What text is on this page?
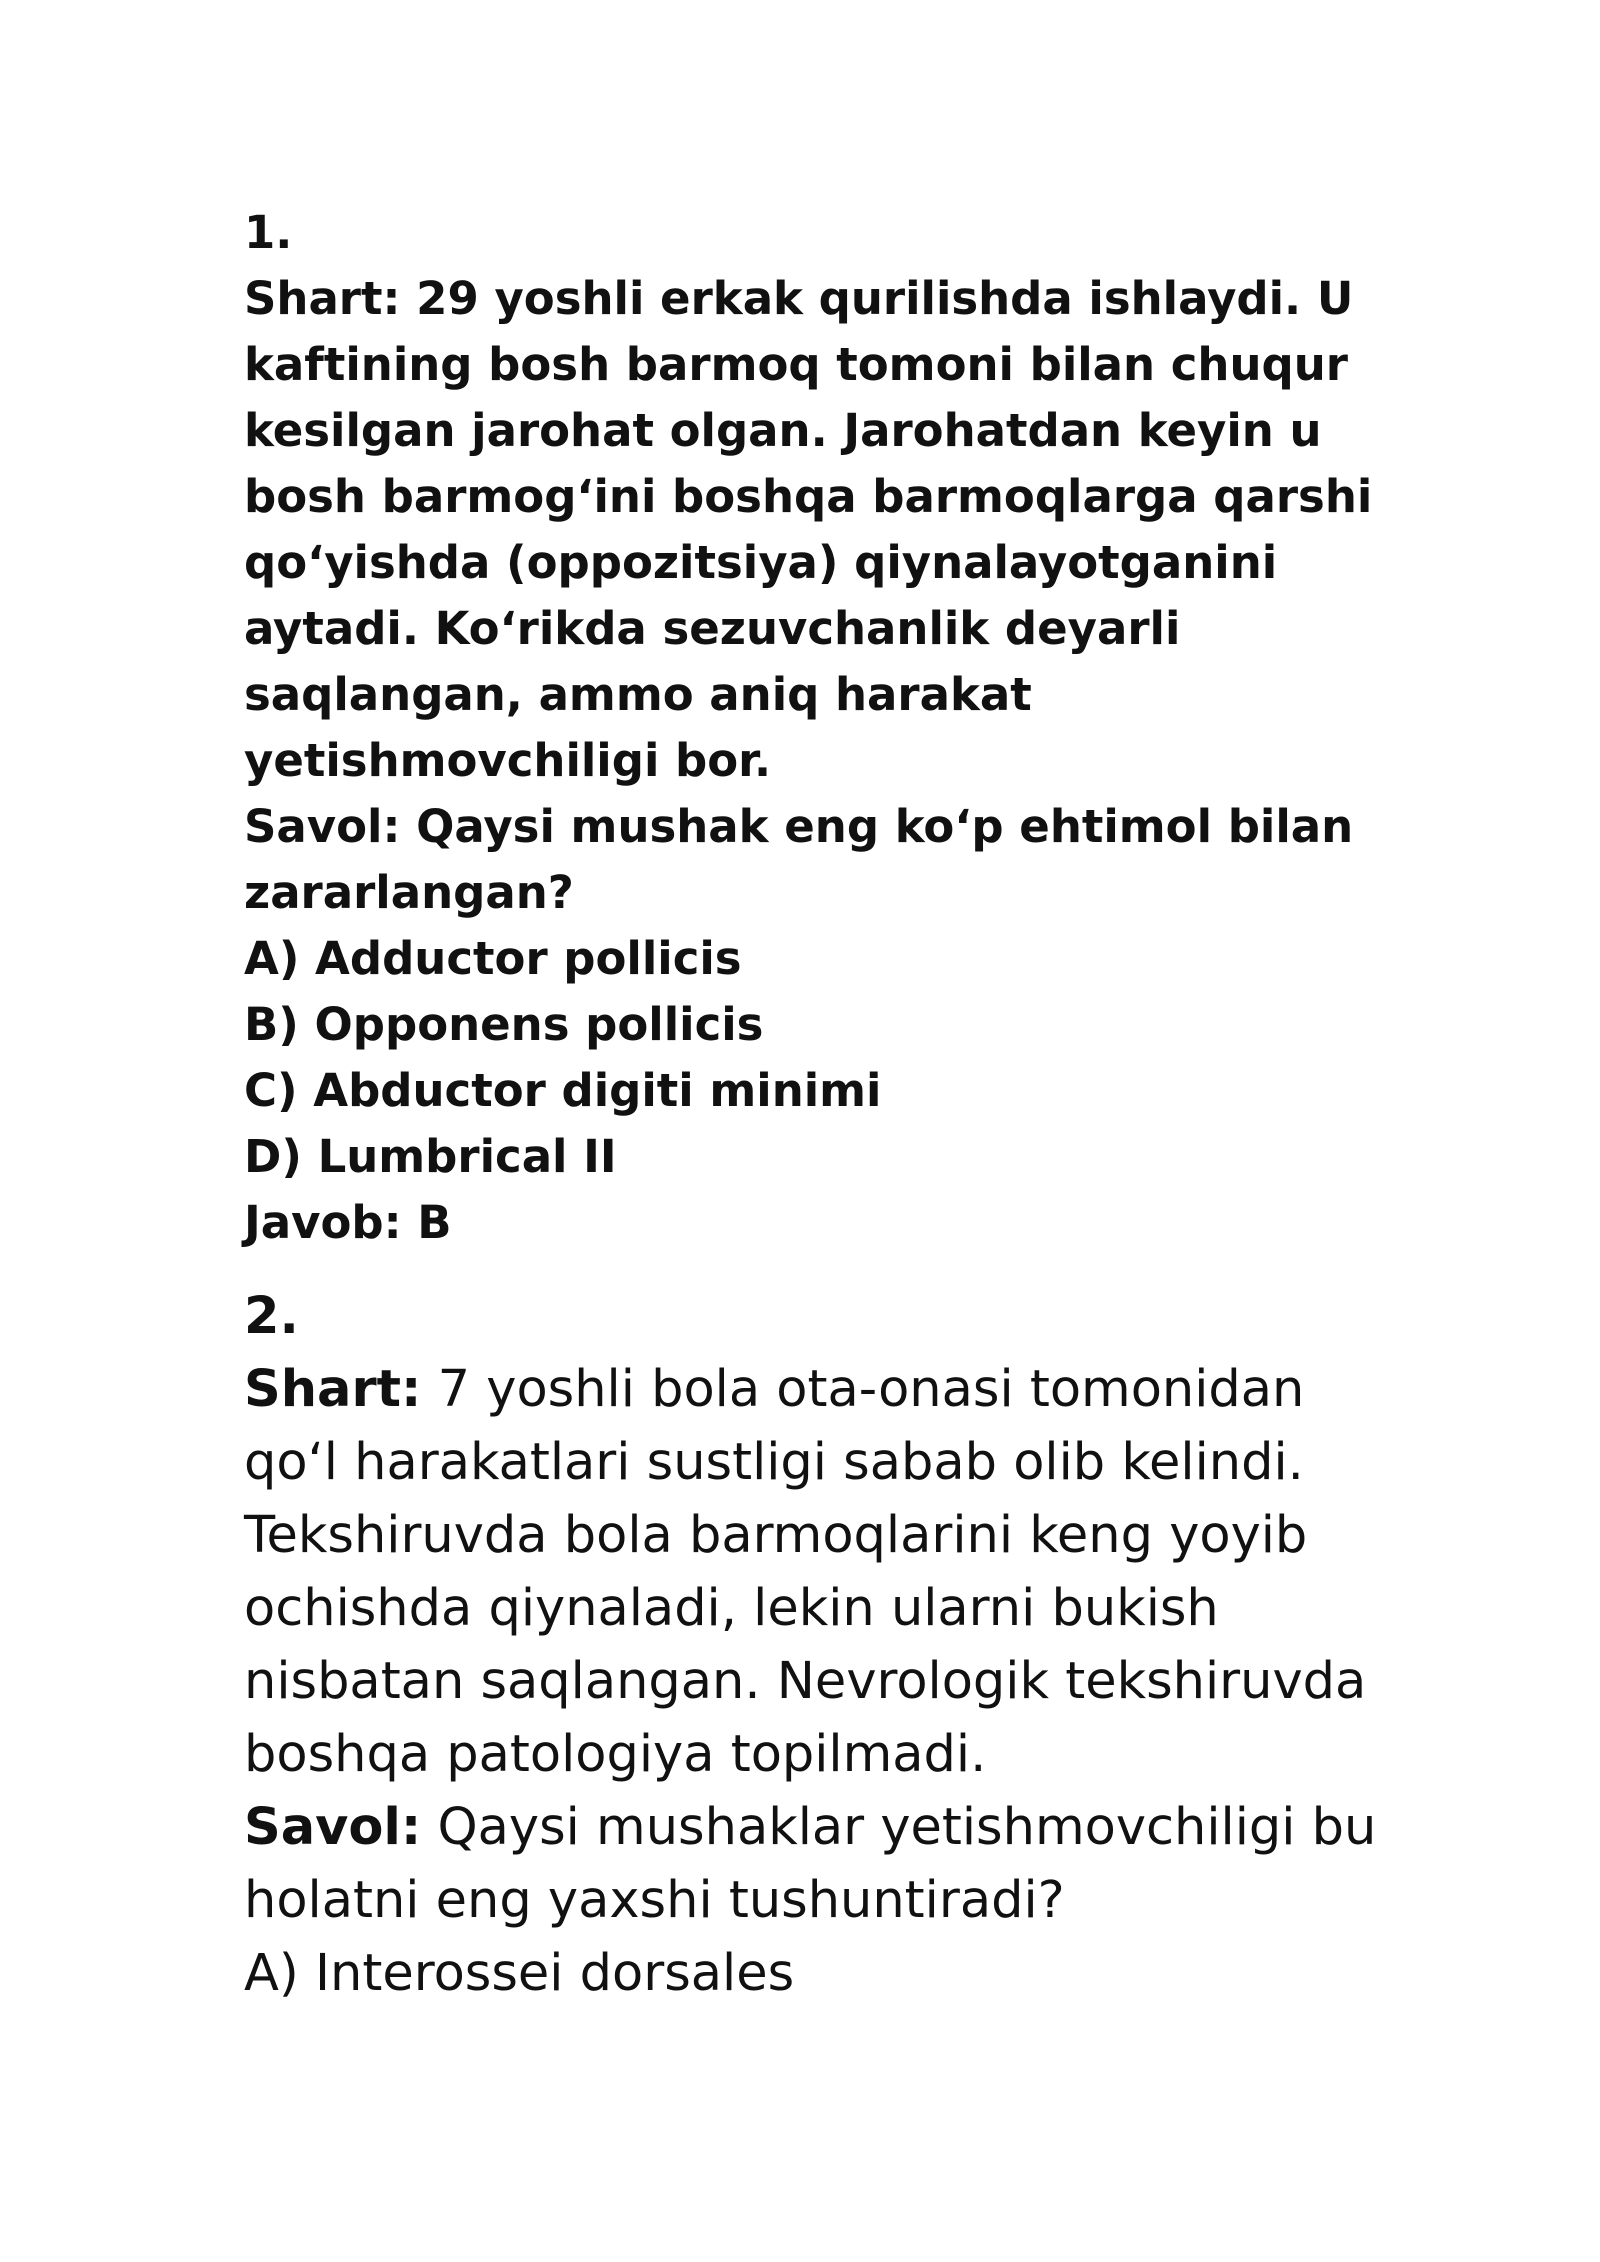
1.
Shart: 29 yoshli erkak qurilishda ishlaydi. U
kaftining bosh barmoq tomoni bilan chuqur
kesilgan jarohat olgan. Jarohatdan keyin u
bosh barmog‘ini boshqa barmoqlarga qarshi
qo‘yishda (oppozitsiya) qiynalayotganini
aytadi. Ko‘rikda sezuvchanlik deyarli
saqlangan, ammo aniq harakat
yetishmovchiligi bor.
Savol: Qaysi mushak eng ko‘p ehtimol bilan
zararlangan?
A) Adductor pollicis
B) Opponens pollicis
C) Abductor digiti minimi
D) Lumbrical II
Javob: B
2.
Shart: 7 yoshli bola ota-onasi tomonidan
qo‘l harakatlari sustligi sabab olib kelindi.
Tekshiruvda bola barmoqlarini keng yoyib
ochishda qiynaladi, lekin ularni bukish
nisbatan saqlangan. Nevrologik tekshiruvda
boshqa patologiya topilmadi.
Savol: Qaysi mushaklar yetishmovchiligi bu
holatni eng yaxshi tushuntiradi?
A) Interossei dorsales
